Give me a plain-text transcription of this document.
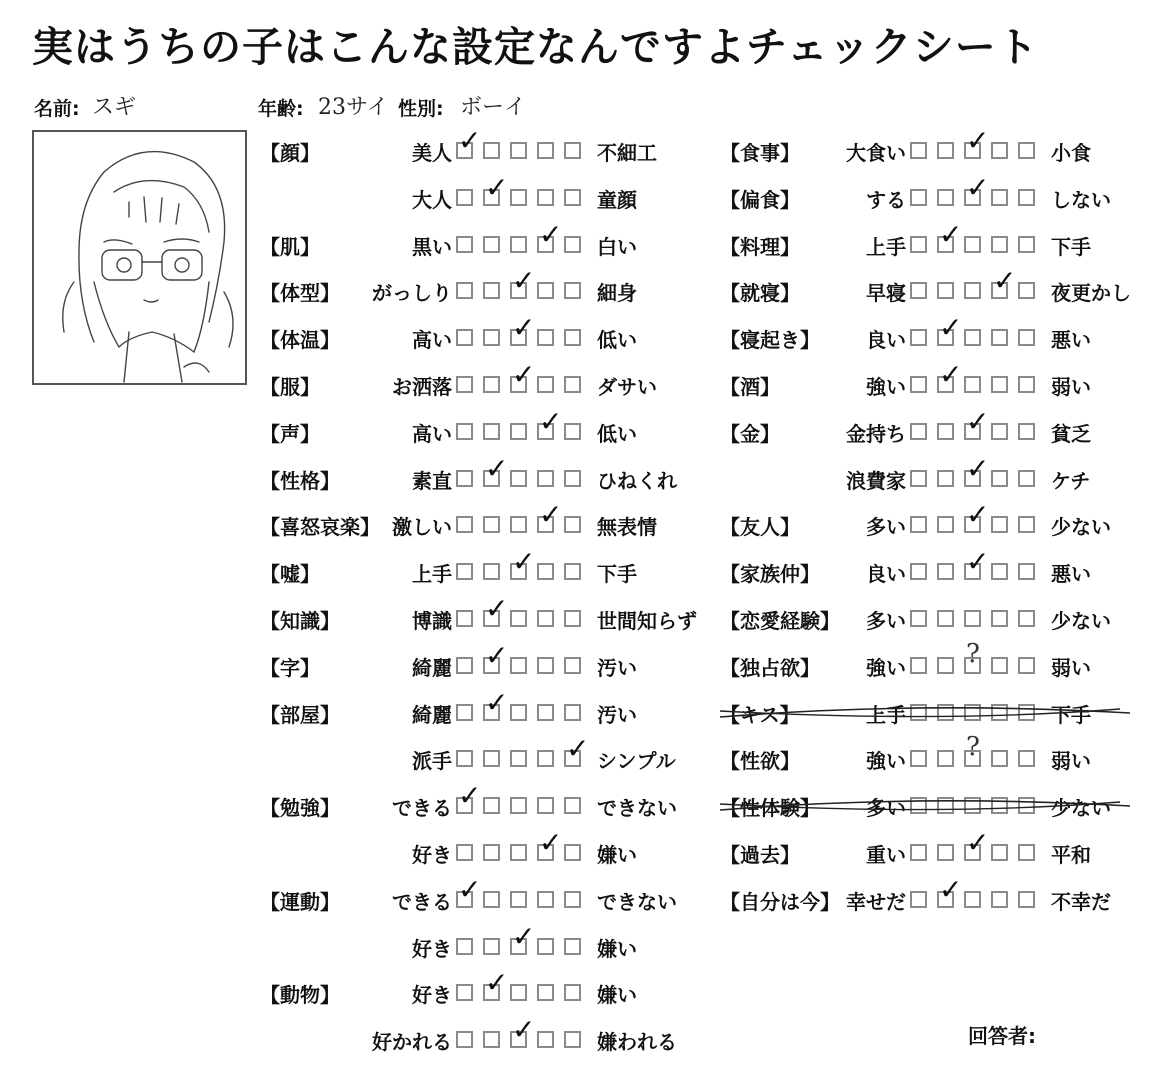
実はうちの子はこんな設定なんですよチェックシート
名前: スギ	年齢: 23サイ 性別: ボーイ
【顔】	美人 ✓	不細工
大人 ✓	童顔
【肌】	黒い	✓ 白い
【体型】 がっしり ✓	細身
【体温】	高い ✓	低い
【服】	お洒落 ✓	ダサい
【声】	高い	✓ 低い
【性格】	素直 ✓	ひねくれ
【喜怒哀楽】 激しい	✓ 無表情
【嘘】	上手 ✓	下手
【知識】	博識 ✓	世間知らず
【字】	綺麗 ✓	汚い
【部屋】	綺麗 ✓	汚い
派手	✓ シンプル
【勉強】	できる ✓	できない
好き	✓ 嫌い
【運動】	できる ✓	できない
好き ✓	嫌い
【動物】	好き ✓	嫌い
好かれる ✓	嫌われる
【食事】 大食い ✓	小食
【偏食】	する ✓	しない
【料理】	上手 ✓	下手
【就寝】	早寝	✓ 夜更かし
【寝起き】 良い ✓	悪い
【酒】	強い ✓	弱い
【金】	金持ち ✓	貧乏
浪費家 ✓	ケチ
【友人】	多い ✓	少ない
【家族仲】 良い ✓	悪い
【恋愛経験】 多い	少ない
【独占欲】 強い ?	弱い
【キス】	上手	下手
【性欲】	強い ?	弱い
【性体験】 多い	少ない
【過去】	重い ✓	平和
【自分は今】 幸せだ ✓	不幸だ
回答者:
